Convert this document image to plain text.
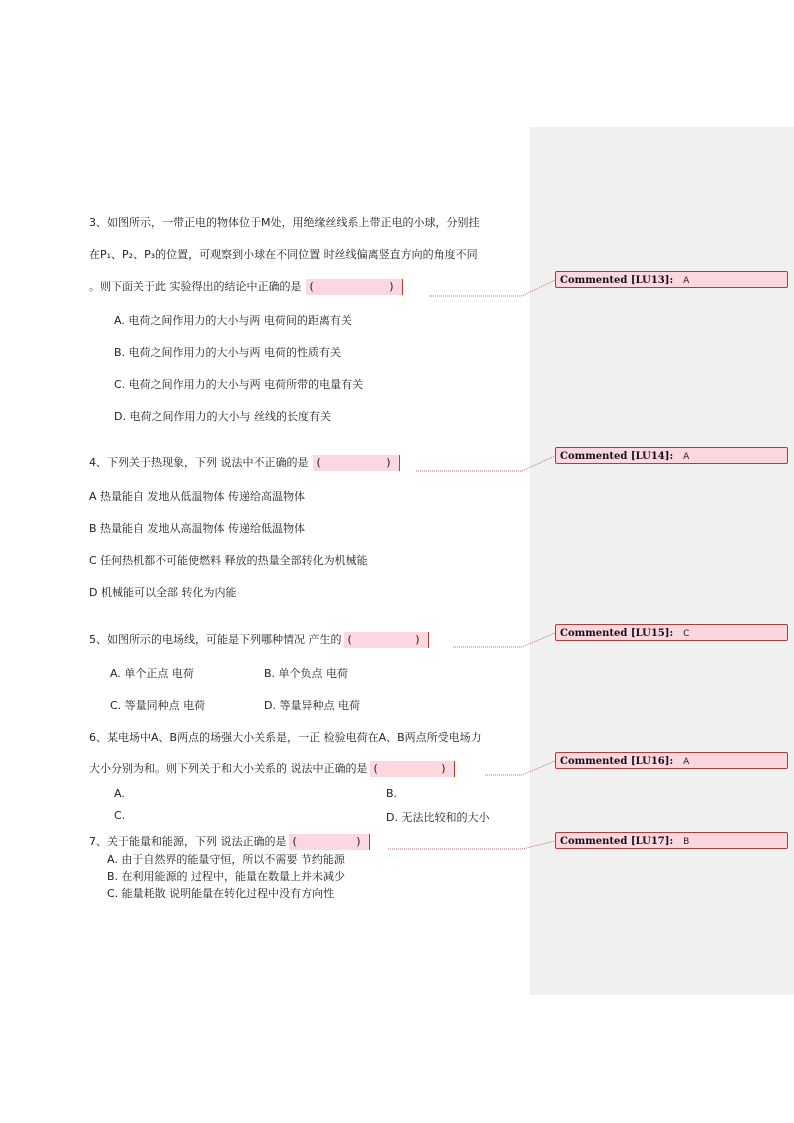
3、如图所示，一带正电的物体位于M处，用绝缘丝线系上带正电的小球，分别挂
在P₁、P₂、P₃的位置，可观察到小球在不同位置 时丝线偏离竖直方向的角度不同
。则下面关于此 实验得出的结论中正确的是 (	)
A. 电荷之间作用力的大小与两 电荷间的距离有关
B. 电荷之间作用力的大小与两 电荷的性质有关
C. 电荷之间作用力的大小与两 电荷所带的电量有关
D. 电荷之间作用力的大小与 丝线的长度有关
4、下列关于热现象，下列 说法中不正确的是 (	)
A 热量能自 发地从低温物体 传递给高温物体
B 热量能自 发地从高温物体 传递给低温物体
C 任何热机都不可能使燃料 释放的热量全部转化为机械能
D 机械能可以全部 转化为内能
5、如图所示的电场线，可能是下列哪种情况 产生的 (	)
A. 单个正点 电荷	B. 单个负点 电荷
C. 等量同种点 电荷	D. 等量异种点 电荷
6、某电场中A、B两点的场强大小关系是，一正 检验电荷在A、B两点所受电场力
大小分别为和。则下列关于和大小关系的 说法中正确的是 (	)
A.	B.
C.	D. 无法比较和的大小
7、关于能量和能源，下列 说法正确的是 (	)
A. 由于自然界的能量守恒，所以不需要 节约能源
B. 在利用能源的 过程中，能量在数量上并未减少
C. 能量耗散 说明能量在转化过程中没有方向性
Commented [LU13]: A
Commented [LU14]: A
Commented [LU15]: C
Commented [LU16]: A
Commented [LU17]: B
